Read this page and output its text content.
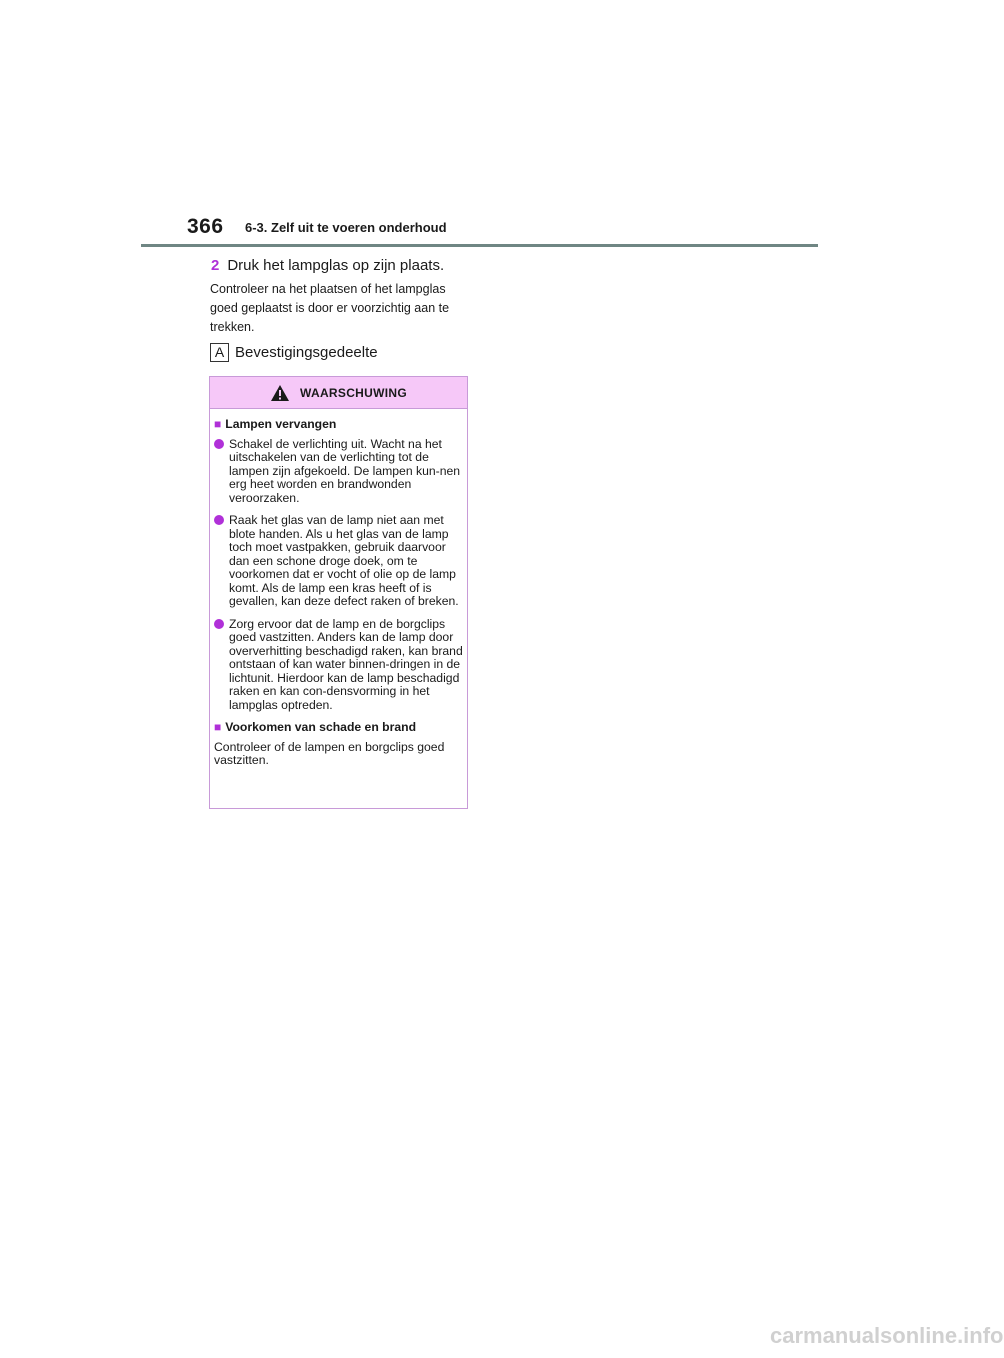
366 6-3. Zelf uit te voeren onderhoud
2 Druk het lampglas op zijn plaats.
Controleer na het plaatsen of het lampglas goed geplaatst is door er voorzichtig aan te trekken.
A Bevestigingsgedeelte
WAARSCHUWING
■ Lampen vervangen
Schakel de verlichting uit. Wacht na het uitschakelen van de verlichting tot de lampen zijn afgekoeld. De lampen kun-nen erg heet worden en brandwonden veroorzaken.
Raak het glas van de lamp niet aan met blote handen. Als u het glas van de lamp toch moet vastpakken, gebruik daarvoor dan een schone droge doek, om te voorkomen dat er vocht of olie op de lamp komt. Als de lamp een kras heeft of is gevallen, kan deze defect raken of breken.
Zorg ervoor dat de lamp en de borgclips goed vastzitten. Anders kan de lamp door oververhitting beschadigd raken, kan brand ontstaan of kan water binnen-dringen in de lichtunit. Hierdoor kan de lamp beschadigd raken en kan con-densvorming in het lampglas optreden.
■ Voorkomen van schade en brand
Controleer of de lampen en borgclips goed vastzitten.
carmanualsonline.info
